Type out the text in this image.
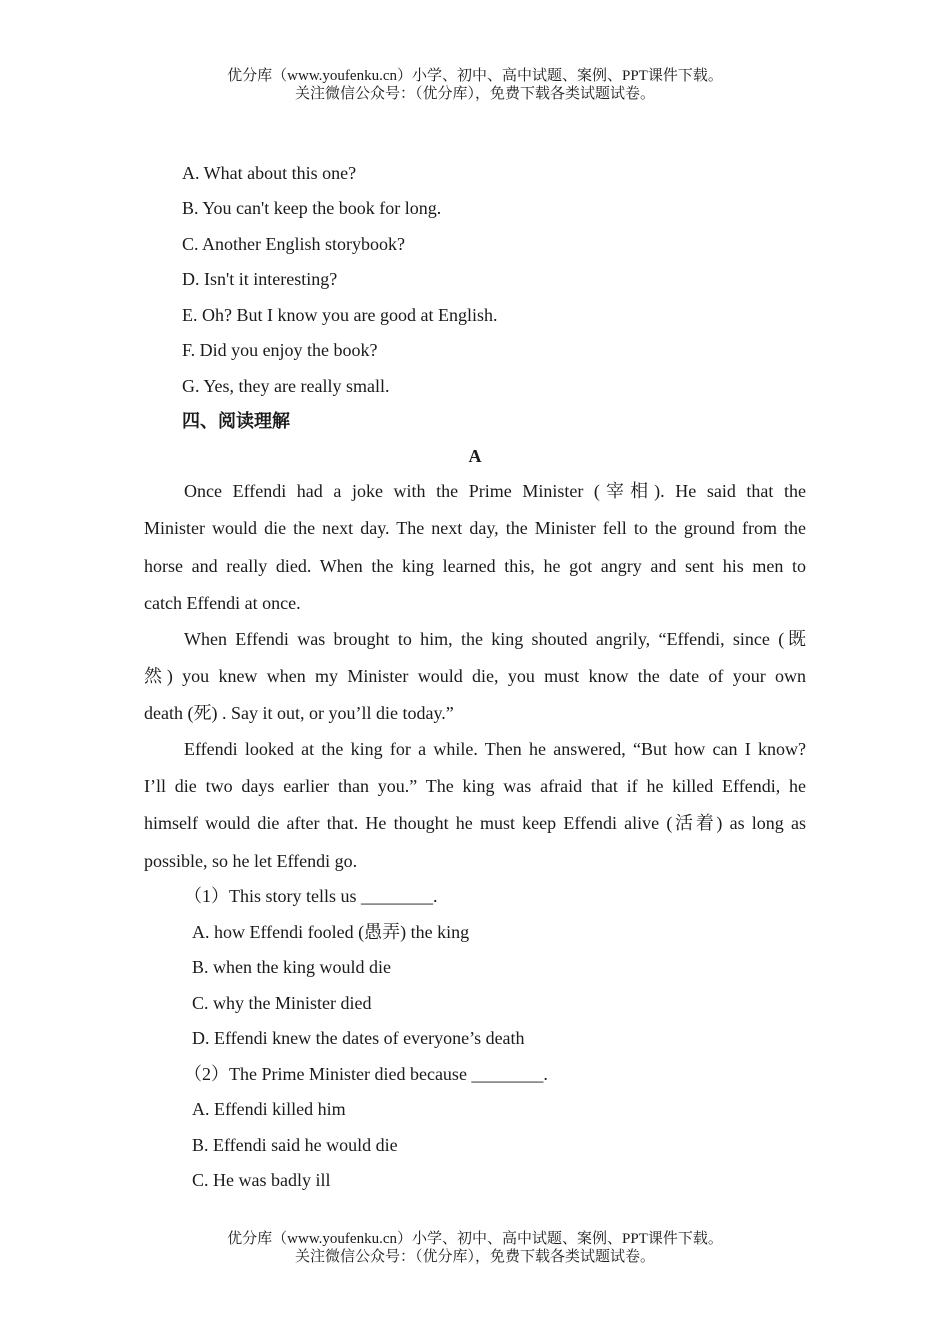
优分库（www.youfenku.cn）小学、初中、高中试题、案例、PPT课件下载。
关注微信公众号：（优分库），免费下载各类试题试卷。
A. What about this one?
B. You can't keep the book for long.
C. Another English storybook?
D. Isn't it interesting?
E. Oh? But I know you are good at English.
F. Did you enjoy the book?
G. Yes, they are really small.
四、阅读理解
A
Once Effendi had a joke with the Prime Minister (宰相). He said that the
Minister would die the next day. The next day, the Minister fell to the ground from the
horse and really died. When the king learned this, he got angry and sent his men to
catch Effendi at once.
When Effendi was brought to him, the king shouted angrily, “Effendi, since (既
然) you knew when my Minister would die, you must know the date of your own
death (死) . Say it out, or you’ll die today.”
Effendi looked at the king for a while. Then he answered, “But how can I know?
I’ll die two days earlier than you.” The king was afraid that if he killed Effendi, he
himself would die after that. He thought he must keep Effendi alive (活着) as long as
possible, so he let Effendi go.
（1）This story tells us ________.
A. how Effendi fooled (愚弄) the king
B. when the king would die
C. why the Minister died
D. Effendi knew the dates of everyone’s death
（2）The Prime Minister died because ________.
A. Effendi killed him
B. Effendi said he would die
C. He was badly ill
优分库（www.youfenku.cn）小学、初中、高中试题、案例、PPT课件下载。
关注微信公众号：（优分库），免费下载各类试题试卷。
